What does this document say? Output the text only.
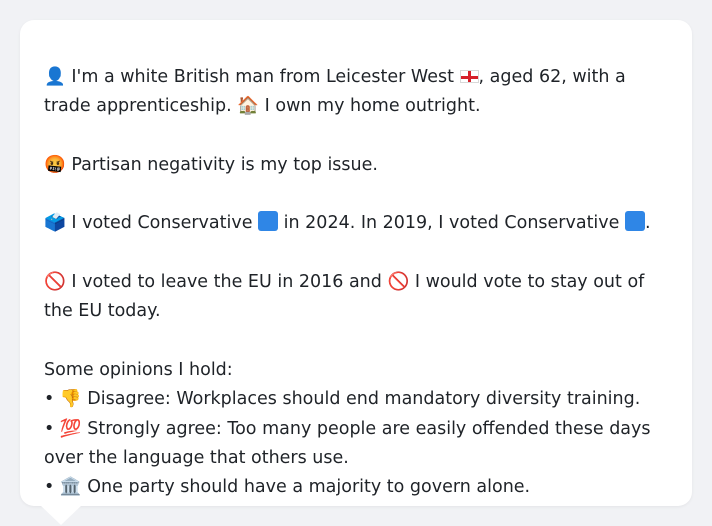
👤 I'm a white British man from Leicester West , aged 62, with a trade apprenticeship. 🏠 I own my home outright.

🤬 Partisan negativity is my top issue.

🗳️ I voted Conservative in 2024. In 2019, I voted Conservative .

🚫 I voted to leave the EU in 2016 and 🚫 I would vote to stay out of the EU today.

Some opinions I hold:

• 👎 Disagree: Workplaces should end mandatory diversity training.

• 💯 Strongly agree: Too many people are easily offended these days over the language that others use.

• 🏛️ One party should have a majority to govern alone.
